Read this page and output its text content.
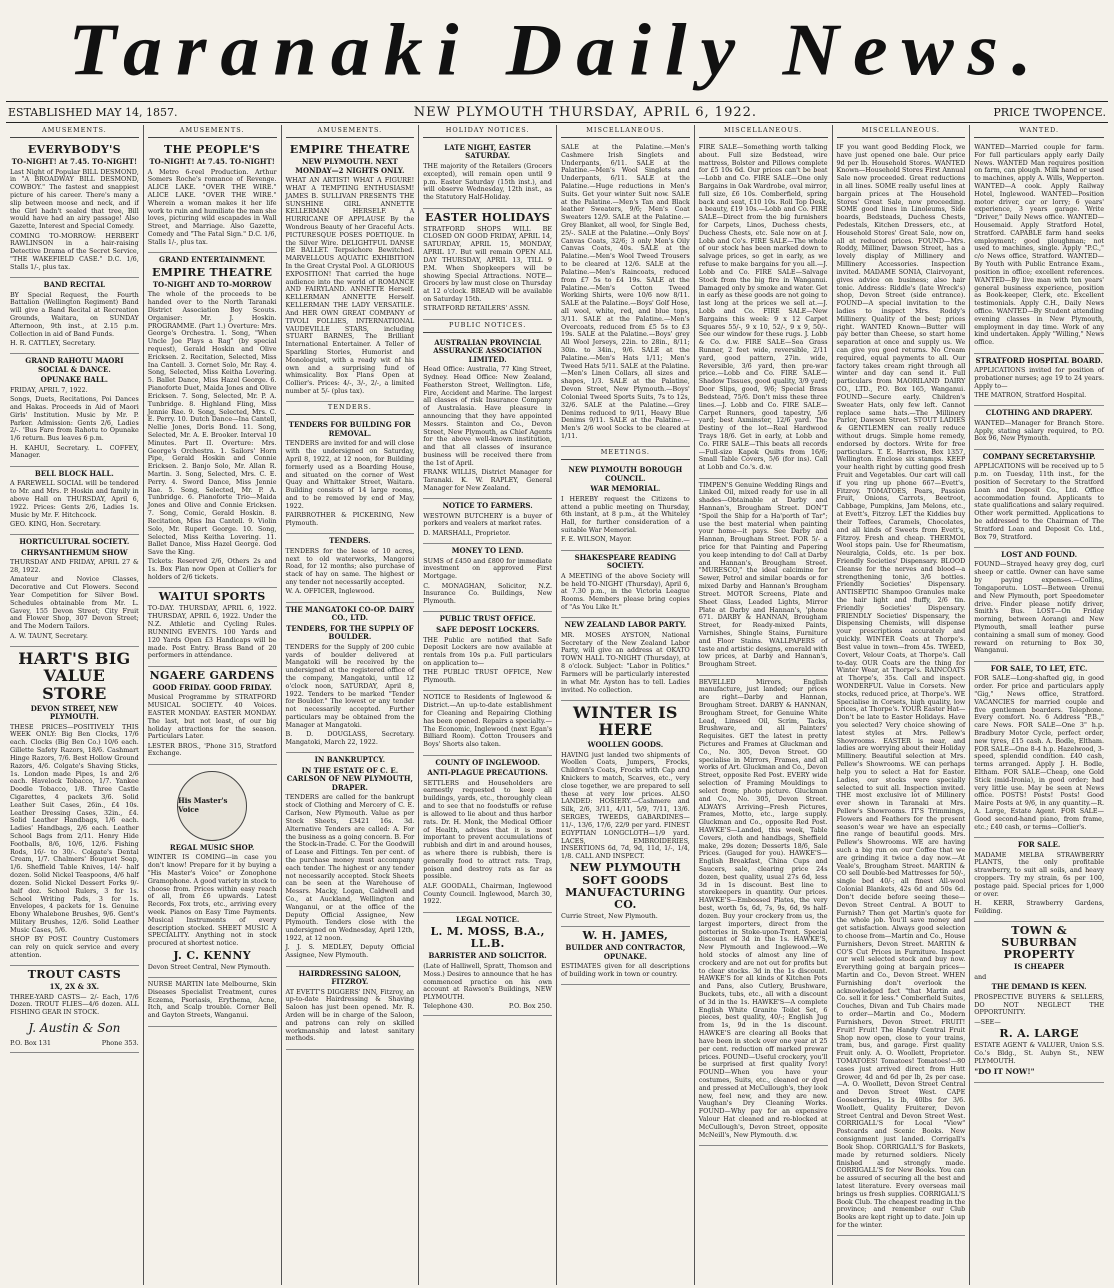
Taranaki Daily News.
ESTABLISHED MAY 14, 1857.	NEW PLYMOUTH THURSDAY, APRIL 6, 1922.	PRICE TWOPENCE.
AMUSEMENTS.
EVERYBODY'S
TO-NIGHT! At 7.45. TO-NIGHT!

Last Night of Popular BILL DESMOND, in "A BROADWAY BILL DESMOND, COWBOY." The fastest and snappiest picture of his career. There's many a slip between moose and neck, and if the Girl hadn't sealed that tree, Bill would have had an airy passage! Also Gazette, Interest and Special Comedy.

COMING TO-MORROW: HERBERT RAWLINSON in a hair-raising Detective Drama of the Secret Service, "THE WAKEFIELD CASE." D.C. 1/6, Stalls 1/-, plus tax.

BAND RECITAL

BY Special Request, the Fourth Battalion (Wellington Regiment) Band will give a Band Recital at Recreation Grounds, Waitara, on SUNDAY Afternoon, 9th inst., at 2.15 p.m. Collection in aid of Band Funds.

H. R. CATTLEY, Secretary.

GRAND RAHOTU MAORI SOCIAL & DANCE.
OPUNAKE HALL.

FRIDAY, APRIL 7, 1922.

Songs, Duets, Recitations, Poi Dances and Hakas. Proceeds in Aid of Maori Girls' Institution. Music by Mr. P. Parker. Admission: Gents 2/6, Ladies 2/-. 'Bus Fare from Rahotu to Opunake 1/6 return. Bus leaves 6 p.m.

H. KAHUI, Secretary. L. COFFEY, Manager.

BELL BLOCK HALL.

A FAREWELL SOCIAL will be tendered to Mr. and Mrs. P. Hoskin and family in above Hall on THURSDAY, April 6, 1922. Prices: Gents 2/6, Ladies 1s. Music by Mr. F. Hitchcock.

GEO. KING, Hon. Secretary.

HORTICULTURAL SOCIETY.
CHRYSANTHEMUM SHOW

THURSDAY AND FRIDAY, APRIL 27 & 28, 1922.

Amateur and Novice Classes, Decorative and Cut Flowers. Second Year Competition for Silver Bowl. Schedules obtainable from Mr. L. Gavey, 155 Devon Street; City Fruit and Flower Shop, 307 Devon Street; and The Modern Tailors.

A. W. TAUNT, Secretary.

HART'S BIG VALUE STORE
DEVON STREET, NEW PLYMOUTH.

THESE PRICES—POSITIVELY THIS WEEK ONLY: Big Ben Clocks, 17/6 each. Clocks (Big Ben Co.) 10/6 each. Gillette Safety Razors, 18/6. Cashmart Hinge Razors, 7/6. Best Hollow Ground Razors, 4/6. Colgate's Shaving Sticks, 1s. London made Pipes, 1s and 2/6 each. Havelock Tobacco, 1/7. Yankee Doodle Tobacco, 1/8. Three Castle Cigarettes, 4 packets 3/6. Solid Leather Suit Cases, 26in., £4 10s. Leather Dressing Cases, 32in., £4. Solid Leather Handbags, 1/6 each. Ladies' Handbags, 2/6 each. Leather School Bags from 2/11. Henry Hide Footballs, 8/6, 10/6, 12/6. Fishing Rods, 16/- to 30/-. Colgate's Dental Cream, 1/7. Chalmers' Bouquet Soap, 1/6. Sheffield Table Knives, 14/- half dozen. Solid Nickel Teaspoons, 4/6 half dozen. Solid Nickel Dessert Forks 9/- half doz. School Rulers, 3 for 1s. School Writing Pads, 3 for 1s. Envelopes, 4 packets for 1s. Genuine Ebony Whalebone Brushes, 9/6. Gent's Military Brushes, 12/6. Solid Leather Music Cases, 5/6.

SHOP BY POST. Country Customers can rely on quick service and every attention.

TROUT CASTS
1X, 2X & 3X.

THREE-YARD CASTS— 2/- Each, 17/6 Dozen. TROUT FLIES—4/6 dozen. ALL FISHING GEAR IN STOCK.

J. Austin & Son
P.O. Box 131	Phone 353.
AMUSEMENTS.
THE PEOPLE'S
TO-NIGHT! At 7.45. TO-NIGHT!

A Metro 6-reel Production. Arthur Somers Roche's romance of Revenge. ALICE LAKE. "OVER THE WIRE." ALICE LAKE. "OVER THE WIRE." Wherein a woman makes it her life work to ruin and humiliate the man she loves, picturing wild escapades in Wall Street, and Marriage. Also Gazette, Comedy and "The Fatal Sign." D.C. 1/6, Stalls 1/-, plus tax.

GRAND ENTERTAINMENT.
EMPIRE THEATRE
TO-NIGHT AND TO-MORROW

The whole of the proceeds to be handed over to the North Taranaki District Association Boy Scouts. Organiser: Mr. J. Hoskin. PROGRAMME. (Part 1.) Overture: Mrs. George's Orchestra. 1. Song, "When Uncle Joe Plays a Rag" (by special request), Gerald Hoskin and Olive Ericksen. 2. Recitation, Selected, Miss Ina Cantell. 3. Cornet Solo, Mr. Ray. 4. Song, Selected, Miss Keitha Lovering. 5. Ballet Dance, Miss Hazel George. 6. Pianoforte Duet, Maida Jones and Olive Ericksen. 7. Song, Selected, Mr. P. A. Tunbridge. 8. Highland Fling, Miss Jennie Rae. 9. Song, Selected, Mrs. C. E. Perry. 10. Dutch Dance—Ina Cantell, Nellie Jones, Doris Bond. 11. Song, Selected, Mr. A. E. Brooker. Interval 10 Minutes. Part II. Overture: Mrs. George's Orchestra. 1. Sailors' Horn Pipe, Gerald Hoskin and Connie Ericksen. 2. Banjo Solo, Mr. Allan R. Martin. 3. Song, Selected, Mrs. C. E. Perry. 4. Sword Dance, Miss Jennie Rae. 5. Song, Selected, Mr. P. A. Tunbridge. 6. Pianoforte Trio—Maida Jones and Olive and Connie Ericksen. 7. Song, Comic, Gerald Hoskin. 8. Recitation, Miss Ina Cantell. 9. Violin Solo, Mr. Rupert George. 10. Song, Selected, Miss Keitha Lovering. 11. Ballet Dance, Miss Hazel George. God Save the King.

Tickets: Reserved 2/6, Others 2s and 1s. Box Plan now Open at Collier's for holders of 2/6 tickets.

WAITUI SPORTS

TO-DAY. THURSDAY, APRIL 6, 1922. THURSDAY, APRIL 6, 1922. Under the N.Z. Athletic and Cycling Rules. RUNNING EVENTS. 100 Yards and 120 Yards Open £3 Handicaps will be made. Post Entry. Brass Band of 20 performers in attendance.

NGAERE GARDENS
GOOD FRIDAY. GOOD FRIDAY.

Musical Programme by STRATFORD MUSICAL SOCIETY. 40 Voices. EASTER MONDAY. EASTER MONDAY. The last, but not least, of our big holiday attractions for the season. Particulars Later.

LESTER BROS., 'Phone 315, Stratford Exchange.

His Master's Voice
REGAL MUSIC SHOP.

WINTER IS COMING—in case you don't know! Prepare for it by buying a "His Master's Voice" or Zonophone Gramophone. A good variety in stock to choose from. Prices within easy reach of all, from £6 upwards. Latest Records, Fox trots, etc., arriving every week. Pianos on Easy Time Payments. Musical Instruments of every description stocked. SHEET MUSIC A SPECIALITY. Anything not in stock procured at shortest notice.

J. C. KENNY

Devon Street Central, New Plymouth.

NURSE MARTIN late Melbourne, Skin Diseases Specialist Treatment, cures Eczema, Psoriasis, Erythema, Acne, Itch, and Scalp trouble. Corner Bell and Gayton Streets, Wanganui.

AMUSEMENTS.
EMPIRE THEATRE
NEW PLYMOUTH. NEXT MONDAY—2 NIGHTS ONLY.

WHAT AN ARTIST! WHAT A FIGURE! WHAT A TEMPTING ENTHUSIASM! JAMES B. SULLIVAN PRESENTS THE SUNSHINE GIRL ANNETTE KELLERMAN HERSELF. A HURRICANE OF APPLAUSE By the Wondrous Beauty of her Graceful Acts. PICTURESQUE POSES POETIQUE. In the Silver Wire. DELIGHTFUL DANSE DE BALLET. Terpsichore Bewitched. MARVELLOUS AQUATIC EXHIBITION In the Great Crystal Pool. A GLORIOUS EXPOSITION! That carried the huge audience into the world of ROMANCE AND FAIRYLAND. ANNETTE Herself. KELLERMAN ANNETTE Herself. KELLERMAN THE LADY VERSATILE. And HER OWN GREAT COMPANY of TIVOLI FOLLIES, INTERNATIONAL VAUDEVILLE STARS, including STUART BARNES, The Brilliant International Entertainer. A Teller of Sparkling Stories, Humorist and Monologuist, with a ready wit of his own and a surprising fund of whimsicality. Box Plans Open at Collier's. Prices: 4/-, 3/-, 2/-, a limited number at 5/- (plus tax).

TENDERS.
TENDERS FOR BUILDING FOR REMOVAL.

TENDERS are invited for and will close with the undersigned on Saturday, April 8, 1922, at 12 noon, for Building formerly used as a Boarding House, and situated on the corner of West Quay and Whittaker Street, Waitara. Building consists of 14 large rooms, and to be removed by end of May, 1922.

FAIRBROTHER & PICKERING, New Plymouth.

TENDERS.

TENDERS for the lease of 10 acres, next to old waterworks, Mangorei Road, for 12 months; also purchase of stack of hay on same. The highest or any tender not necessarily accepted.

W. A. OFFICER, Inglewood.

THE MANGATOKI CO-OP. DAIRY CO., LTD.
TENDERS, FOR THE SUPPLY OF BOULDER.

TENDERS for the Supply of 200 cubic yards of boulder delivered at Mangatoki will be received by the undersigned at the registered office of the company, Mangatoki, until 12 o'clock noon, SATURDAY, April 8, 1922. Tenders to be marked "Tender for Boulder." The lowest or any tender not necessarily accepted. Further particulars may be obtained from the Manager at Mangatoki.

B. D. DOUGLASS, Secretary. Mangatoki, March 22, 1922.

IN BANKRUPTCY.
IN THE ESTATE OF C. E. CARLSON OF NEW PLYMOUTH, DRAPER.

TENDERS are called for the bankrupt stock of Clothing and Mercery of C. E. Carlson, New Plymouth. Value as per Stock Sheets, £3421 16s. 3d. Alternative Tenders are called: A. For the business as a going concern. B. For the Stock-in-Trade. C. For the Goodwill of Lease and Fittings. Ten per cent. of the purchase money must accompany each tender. The highest or any tender not necessarily accepted. Stock Sheets can be seen at the Warehouse of Messrs. Macky, Logan, Caldwell and Co., at Auckland, Wellington and Wanganui, or at the office of the Deputy Official Assignee, New Plymouth. Tenders close with the undersigned on Wednesday, April 12th, 1922, at 12 noon.

J. J. S. MEDLEY, Deputy Official Assignee, New Plymouth.

HAIRDRESSING SALOON, FITZROY.

AT EVETT'S DIGGERS' INN, Fitzroy, an up-to-date Hairdressing & Shaving Saloon has just been opened. Mr. R. Arden will be in charge of the Saloon, and patrons can rely on skilled workmanship and latest sanitary methods.

HOLIDAY NOTICES.
LATE NIGHT, EASTER SATURDAY.

THE majority of the Retailers (Grocers excepted), will remain open until 9 p.m. Easter Saturday (15th inst.), and will observe Wednesday, 12th inst., as the Statutory Half-Holiday.

EASTER HOLIDAYS

STRATFORD SHOPS WILL BE CLOSED ON GOOD FRIDAY, APRIL 14, SATURDAY, APRIL 15, MONDAY, APRIL 17. But will remain OPEN ALL DAY THURSDAY, APRIL 13, TILL 9 P.M. When Shopkeepers will be showing Special Attractions. NOTE—Grocers by law must close on Thursday at 12 o'clock. BREAD will be available on Saturday 15th.

STRATFORD RETAILERS' ASSN.

PUBLIC NOTICES.
AUSTRALIAN PROVINCIAL ASSURANCE ASSOCIATION LIMITED.

Head Office: Australia, 77 King Street, Sydney. Head Office: New Zealand, Featherston Street, Wellington. Life, Fire, Accident and Marine. The largest all classes of risk Insurance Company of Australasia. Have pleasure in announcing that they have appointed Messrs. Stainton and Co., Devon Street, New Plymouth, as Chief Agents for the above well-known institution, and that all classes of insurance business will be received there from the 1st of April.

FRANK WILLIS, District Manager for Taranaki. K. W. RAPLEY, General Manager for New Zealand.

NOTICE TO FARMERS.

WESTOWN BUTCHERY is a buyer of porkers and vealers at market rates.

D. MARSHALL, Proprietor.

MONEY TO LEND.

SUMS of £450 and £800 for immediate investment on approved First Mortgage.

C. MONAGHAN, Solicitor, N.Z. Insurance Co. Buildings, New Plymouth.

PUBLIC TRUST OFFICE.
SAFE DEPOSIT LOCKERS.

THE Public are notified that Safe Deposit Lockers are now available at rentals from 10s p.a. Full particulars on application to—

THE PUBLIC TRUST OFFICE, New Plymouth.

NOTICE to Residents of Inglewood & District.—An up-to-date establishment for Cleaning and Repairing Clothing has been opened. Repairs a specialty.—The Economic, Inglewood (next Egan's Billiard Room). Cotton Trousers and Boys' Shorts also taken.

COUNTY OF INGLEWOOD.
ANTI-PLAGUE PRECAUTIONS.

SETTLERS and Householders are earnestly requested to keep all buildings, yards, etc., thoroughly clean and to see that no foodstuffs or refuse is allowed to lie about and thus harbor rats. Dr. H. Monk, the Medical Officer of Health, advises that it is most important to prevent accumulations of rubbish and dirt in and around houses, as where there is rubbish, there is generally food to attract rats. Trap, poison and destroy rats as far as possible.

ALF. GOODALL, Chairman, Inglewood County Council. Inglewood, March 30, 1922.

LEGAL NOTICE.
L. M. MOSS, B.A., LL.B.
BARRISTER AND SOLICITOR.

(Late of Halliwell, Spratt, Thomson and Moss.) Desires to announce that he has commenced practice on his own account at Rawson's Buildings, NEW PLYMOUTH.

Telephone 430.	P.O. Box 250.
MISCELLANEOUS.

SALE at the Palatine.—Men's Cashmere Irish Singlets and Underpants, 6/11. SALE at the Palatine.—Men's Wool Singlets and Underpants, 6/11. SALE at the Palatine.—Huge reductions in Men's Suits. Get your winter Suit now. SALE at the Palatine.—Men's Tan and Black leather Sweaters, 9/6; Men's Coat Sweaters 12/9. SALE at the Palatine.—Grey Blanket, all wool, for Single Bed, 25/-. SALE at the Palatine.—Only Boys' Canvas Coats, 32/6; 3 only Men's Oily Canvas Coats, 40s. SALE at the Palatine.—Men's Wool Tweed Trousers to be cleared at 12/6. SALE at the Palatine.—Men's Raincoats, reduced from £7 5s to £4 19s. SALE at the Palatine.—Men's Cotton Tweed Working Shirts, were 10/6 now 8/11. SALE at the Palatine.—Boys' Golf Hose, all wool, white, red, and blue tops, 3/11. SALE at the Palatine.—Men's Overcoats, reduced from £5 5s to £3 19s. SALE at the Palatine.—Boys' grey All Wool Jerseys, 22in. to 28in., 8/11; 30in. to 34in., 9/6. SALE at the Palatine.—Men's Hats 1/11; Men's Tweed Hats 5/11. SALE at the Palatine.—Men's Linen Collars, all sizes and shapes, 1/3. SALE at the Palatine, Devon Street, New Plymouth.—Boys' Colonial Tweed Sports Suits, 7s to 12s, 32/6. SALE at the Palatine.—Grey Denims reduced to 9/11, Heavy Blue Denims 9/11. SALE at the Palatine.—Men's 2/6 wool Socks to be cleared at 1/11.

MEETINGS.
NEW PLYMOUTH BOROUGH COUNCIL.
WAR MEMORIAL.

I HEREBY request the Citizens to attend a public meeting on Thursday, 6th instant, at 8 p.m., at the Whiteley Hall, for further consideration of a suitable War Memorial.

F. E. WILSON, Mayor.

SHAKESPEARE READING SOCIETY.

A MEETING of the above Society will be held TO-NIGHT (Thursday), April 6, at 7.30 p.m., in the Victoria League Rooms. Members please bring copies of "As You Like It."

NEW ZEALAND LABOR PARTY.

MR. MOSES AYSTON, National Secretary of the New Zealand Labor Party, will give an address at OKATO TOWN HALL TO-NIGHT (Thursday), at 8 o'clock. Subject: "Labor in Politics." Farmers will be particularly interested in what Mr. Ayston has to tell. Ladies invited. No collection.

WINTER IS HERE
WOOLLEN GOODS.

HAVING just landed two shipments of Woollen Coats, Jumpers, Frocks, Children's Coats, Frocks with Cap and Knickers to match, Scarves, etc., very close together, we are prepared to sell these at very low prices. ALSO LANDED: HOSIERY.—Cashmere and Silk, 2/6, 3/11, 4/11, 5/9, 7/11, 13/6. SERGES, TWEEDS, GABARDINES—11/-, 13/6, 17/6, 22/9 per yard. FINEST EGYPTIAN LONGCLOTH—1/9 yard. LACES, EMBROIDERIES, INSERTIONS 6d, 7d, 9d, 11d, 1/-, 1/4, 1/8. CALL AND INSPECT.

NEW PLYMOUTH SOFT GOODS MANUFACTURING CO.

Currie Street, New Plymouth.

W. H. JAMES,
BUILDER AND CONTRACTOR, OPUNAKE.

ESTIMATES given for all descriptions of building work in town or country.

MISCELLANEOUS.

FIRE SALE—Something worth talking about. Full size Bedstead, wire mattress, Bolster and Pillows complete for £5 10s 6d. Our prices can't be beat—Lobb and Co. FIRE SALE—One only Bargains in Oak Wardrobe, oval mirror, full size, £6 10s. Comberfield, spring back and seat, £10 10s. Roll Top Desk, a beauty, £19 10s.—Lobb and Co. FIRE SALE—Direct from the big furnishers for Carpets, Linos, Duchess chests, Duchess Chests, etc. Sale now on at J. Lobb and Co's. FIRE SALE—The whole of our stock has been marked down to salvage prices, so get in early, as we refuse to make bargains for you all.—J. Lobb and Co. FIRE SALE—Salvage Stock from the big fire in Wanganui. Damaged only by smoke and water. Get in early as these goods are not going to last long at the prices we sell at.—J. Lobb and Co. FIRE SALE—New Bargains this week: 9 x 12 Carpet Squares 55/-, 9 x 10, 52/-, 9 x 9, 50/-. See our window for these rugs. J. Lobb & Co. d.w. FIRE SALE—Sea Grass Runner, 2 feet wide, reversible, 2/11 yard, good pattern, 27in. wide, Reversible, 3/6 yard, then pre-war price.—Lobb and Co. FIRE SALE—Shadow Tissues, good quality, 3/9 yard; Door Slips, good, 9/6; Special Brass Bedstead, 75/6. Don't miss these three lines.—J. Lobb and Co. FIRE SALE—Carpet Runners, good tapestry, 5/6 yard; best Axminster, 12/6 yard. The Destiny of the lot—Real Hardwood Trays 18/6. Get in early, at Lobb and Co. FIRE SALE—This beats all records—Full-size Kapok Quilts from 16/6; Small Table Covers, 5/6 (for ins). Call at Lobb and Co.'s. d.w.

TIMPEN'S Genuine Wedding Rings and Linked Oil, mixed ready for use in all shades—Obtainable at Darby and Hannan's, Brougham Street. DON'T "Spoil the Ship for a Ha'porth of Tar"; use the best material when painting your home—it pays. See Darby and Hannan, Brougham Street. FOR 5/- a price for that Painting and Papering you keep intending to do! Call at Darby and Hannan's, Brougham Street. "MURESCO," the ideal calcimine for Sewer, Petrol and similar boards or for mixed Darby and Hannan's Brougham Street. MOTOR Screens, Plate and Sheet Glass, Leaded Lights, Mirror Plate at Darby and Hannan's, 'phone 671. DARBY & HANNAN, Brougham Street, for Ready-mixed Paints, Varnishes, Shingle Stains, Furniture and Floor Stains. WALLPAPERS of taste and artistic designs, emerald with low prices, at Darby and Hannan's, Brougham Street.

BEVELLED Mirrors, English manufacture, just landed; our prices are right—Darby and Hannan, Brougham Street. DARBY & HANNAN, Brougham Street, for Genuine White Lead, Linseed Oil, Scrim, Tacks, Brushware, and all Painters' Requisites. GET the latest in pretty Pictures and Frames at Gluckman and Co., No. 305, Devon Street. GO specialise in Mirrors, Frames, and all works of Art. Gluckman and Co., Devon Street, opposite Red Post. EVERY wide selection of Framing Mouldings to select from; photo picture. Gluckman and Co., No. 305, Devon Street. ALWAYS Arriving—Fresh Pictures, Frames, Motto, etc., large supply. Gluckman and Co., opposite Red Post. HAWKE'S—Landed, this week, Table Covers, cloth and handbags, Sheffield make, 29s dozen; Desserts 18/6, Sale Prices. (Gauged for you). HAWKE'S—English Breakfast, China Cups and Saucers, sale, clearing price 24s dozen, best quality, usual 27s 6d, less 3d in 1s discount. Best line to storekeepers in quantity. Our prices. HAWKE'S—Embossed Plates, the very best, worth 5s, 6d, 7s, 9s, 6d, 9s half-dozen. Buy your crockery from us, the largest importers, direct from the potteries in Stoke-upon-Trent. Special discount of 3d in the 1s. HAWKE'S, New Plymouth and Inglewood.—We hold stocks of almost any line of crockery and are not out for profits but to clear stocks. 3d in the 1s discount. HAWKE'S for all kinds of Kitchen Pots and Pans, also Cutlery, Brushware, Buckets, tubs, etc., all with a discount of 3d in the 1s. HAWKE'S—A complete English White Granite Toilet Set, 6 pieces, best quality, 40/-; English Jug from 1s, 9d in the 1s discount. HAWKE'S are clearing all Books that have been in stock over one year at 25 per cent. reduction off marked prewar prices. FOUND—Useful crockery, you'll be surprised at first quality Ivory! FOUND—When you have your costumes, Suits, etc., cleaned or dyed and pressed at McCullough's, they look new, feel new, and they are new. Vaughan's Dry Cleaning Works. FOUND—Why pay for an expensive Valour Hat cleaned and re-blocked at McCullough's, Devon Street, opposite McNeill's, New Plymouth. d.w.

MISCELLANEOUS.

IF you want good Bedding Flock, we have just opened one bale. Our price 9d per lb. Household Stores. WANTED Known—Household Stores First Annual Sale now proceeded. Great reductions in all lines. SOME really useful lines at bargain prices at The Household Stores' Great Sale, now proceeding. SOME good lines in Linoleums, Side boards, Bedsteads, Duchess Chests, Pedestals, Kitchen Dressers, etc., at Household Stores' Great Sale, now on, all at reduced prices. FOUND—Mrs. Roddy, Milliner, Dawson Street, has a lovely display of Millinery and Millinery Accessories. Inspection invited. MADAME SONIA, Clairvoyant, gives advice on business; also hair tonic. Address: Riddle's (late Wreck's) shop, Devon Street (side entrance). FOUND—A special invitation to the ladies to inspect Mrs. Roddy's Millinery. Quality of the best; prices right. WANTED Known—Butter will pay better than Cheese, so start home separation at once and supply us. We can give you good returns. No Cream required, equal payments to all. Our factory takes cream right through all winter and day can send it. Full particulars from MAORILAND DAIRY CO., LTD., P.O. Box 165, Wanganui. FOUND—Secure early. Children's Sweater Hats, only few left. Cannot replace same hats.—The Millinery Parlor, Dawson Street. STOUT LADIES & GENTLEMEN can really reduce without drugs. Simple home remedy, endorsed by doctors. Write for free particulars. T. E. Harrison, Box 1357, Wellington. Enclose six stamps. KEEP your health right by cutting good fresh Fruit and Vegetables. Our cart will call if you ring up phone 667—Evett's, Fitzroy. TOMATOES, Pears, Passion Fruit, Onions, Carrots, Beetroot, Cabbage, Pumpkins, Jam Melons, etc., at Evett's, Fitzroy. LET the Kiddies buy their Toffees, Caramels, Chocolates, and all kinds of Sweets from Evett's, Fitzroy. Fresh and cheap. THERMOL Wool stops pain. Use for Rheumatism, Neuralgia, Colds, etc. 1s per box. Friendly Societies' Dispensary. BLOOD Cleanse for the nerves and blood—a strengthening tonic, 3/6 bottles. Friendly Societies' Dispensary. ANTISEPTIC Shampoo Granules make the hair light and fluffy, 2/6 tin. Friendly Societies' Dispensary. FRIENDLY Societies' Dispensary, the Dispensing Chemists, will dispense your prescriptions accurately and quickly. WINTER Coats at Thorpe's. Best value in town—from 45s. TWEED, Covert, Velour Coats, at Thorpe's. Call to-day. OUR Coats are the thing for Winter Wear, at Thorpe's. RAINCOATS at Thorpe's, 35s. Call and inspect. WONDERFUL Value in Corsets. New stocks, reduced price, at Thorpe's. WE Specialise in Corsets, high quality, low prices, at Thorpe's. YOUR Easter Hat—Don't be late to Easter Holidays. Have you selected? Very choice showing of latest styles at Mrs. Pellew's Showrooms. EASTER is near, and ladies are worrying about their Holiday Millinery. Beautiful selection at Mrs. Pellew's Showrooms. WE can perhaps help you to select a Hat for Easter. Ladies, our stocks were specially selected to suit all. Inspection invited. THE most exclusive lot of Millinery ever shown in Taranaki at Mrs. Pellew's Showrooms. IT'S Trimmings, Flowers and Feathers for the present season's wear we have an especially fine range of beautiful goods. Mrs. Pellew's Showrooms. WE are having such a big run on our Coffee that we are grinding it twice a day now.—At Veale's, Brougham Street. MARTIN & CO sell Double-bed Mattresses for 50/-, single bed 40/-; all finest All-wool Colonial Blankets, 42s 6d and 50s 6d. Don't decide before seeing these—Devon Street Central. A BOUT to Furnish? Then get Martin's quote for the whole job. You'll save money and get satisfaction. Always good selection to choose from—Martin and Co., House Furnishers, Devon Street. MARTIN & CO'S Cut Prices in Furniture. Inspect our well selected stock and buy now. Everything going at bargain prices—Martin and Co., Devon Street. WHEN Furnishing don't overlook the acknowledged fact "that Martin and Co. sell it for less." Comberfield Suites, Couches, Divan and Tub Chairs made to order—Martin and Co., Modern Furnishers, Devon Street. FRUIT! Fruit! Fruit! The Handy Central Fruit Shop now open, close to your trains, tram, bus, and garage. First quality Fruit only. A. O. Woollett, Proprietor. TOMATOES! Tomatoes! Tomatoes!—80 cases just arrived direct from Hutt Grower, 4d and 6d per lb, 2s per case.—A. O. Woollett, Devon Street Central and Devon Street West. CAPE Gooseberries, 1s lb, 40lbs for 3/6. Woollett, Quality Fruiterer, Devon Street Central and Devon Street West. CORRIGALL'S for Local "View" Postcards and Scenic Books. New consignment just landed. Corrigall's Book Shop. CORRIGALL'S for Baskets, made by returned soldiers. Nicely finished and strongly made. CORRIGALL'S for New Books. You can be assured of securing all the best and latest literature. Every overseas mail brings us fresh supplies. CORRIGALL'S Book Club. The cheapest reading in the province; and remember our Club Books are kept right up to date. Join up for the winter.

WANTED.

WANTED—Married couple for farm. For full particulars apply early Daily News. WANTED Man requires position on farm, can plough. Milk hand or used to machines, apply A. Wills, Wepperton. WANTED—A cook. Apply Railway Hotel, Inglewood. WANTED—Position motor driver, car or lorry; 6 years' experience, 3 years garage. Write "Driver," Daily News office. WANTED—Housemaid. Apply Stratford Hotel, Stratford. CAPABLE farm hand seeks employment; good ploughman; not used to machines, single. Apply "P.C.," c/o News office, Stratford. WANTED—By Youth with Public Entrance Exam., position in office; excellent references. WANTED—By live man with ten years' general business experience, position as Book-keeper, Clerk, etc. Excellent testimonials. Apply C.H., Daily News office. WANTED—By Student attending evening classes in New Plymouth, employment in day time. Work of any kind undertaken. Apply "Willing," News office.

STRATFORD HOSPITAL BOARD.

APPLICATIONS invited for position of probationer nurses; age 19 to 24 years. Apply to—

THE MATRON, Stratford Hospital.

CLOTHING AND DRAPERY.

WANTED—Manager for Branch Store. Apply, stating salary required, to P.O. Box 96, New Plymouth.

COMPANY SECRETARYSHIP.

APPLICATIONS will be received up to 5 p.m. on Tuesday, 11th inst., for the position of Secretary to the Stratford Loan and Deposit Co., Ltd. Office accommodation found. Applicants to state qualifications and salary required. Other work permitted. Applications to be addressed to the Chairman of The Stratford Loan and Deposit Co. Ltd., Box 79, Stratford.

LOST AND FOUND.

FOUND—Strayed heavy grey dog, curl sheep or cattle. Owner can have same by paying expenses.—Collins, Tongaporutu. LOST—Between Urenui and New Plymouth, port Speedometer drive. Finder please notify driver, Smith's Bus. LOST—On Friday morning, between Aorangi and New Plymouth, small leather purse containing a small sum of money. Good reward on returning to Box 30, Wanganui.

FOR SALE, TO LET, ETC.

FOR SALE—Long-shafted gig, in good order. For price and particulars apply "Gig," News office, Stratford. VACANCIES for married couple and five gentlemen boarders. Telephone. Every comfort. No. 6 Address "P.B.," care News. FOR SALE—One 3" h.p. Bradbury Motor Cycle, perfect order, new tyres, £15 cash. A. Bodle, Eltham. FOR SALE—One 8-4 h.p. Hazelwood, 3-speed, splendid condition. £40 cash, terms arranged. Apply J. H. Bodle, Eltham. FOR SALE—Cheap, one Gold Stick (mid-Ironia), in good order; had very little use. May be seen at News office. POSTS! Posts! Posts! Good Maire Posts at 9/6, in any quantity.—R. A. Large, Estate Agent. FOR SALE—Good second-hand piano, from frame, etc.; £40 cash, or terms—Collier's.

FOR SALE.

MADAME MELBA STRAWBERRY PLANTS, the only profitable strawberry, to suit all soils, and heavy croppers. Try my strain, 6s per 100, postage paid. Special prices for 1,000 or over.

H. KERR, Strawberry Gardens, Feilding.

TOWN & SUBURBAN PROPERTY
IS CHEAPER

and

THE DEMAND IS KEEN.

PROSPECTIVE BUYERS & SELLERS, DO NOT NEGLECT THE OPPORTUNITY.

—SEE—

R. A. LARGE

ESTATE AGENT & VALUER, Union S.S. Co.'s Bldg., St. Aubyn St., NEW PLYMOUTH.

"DO IT NOW!"
